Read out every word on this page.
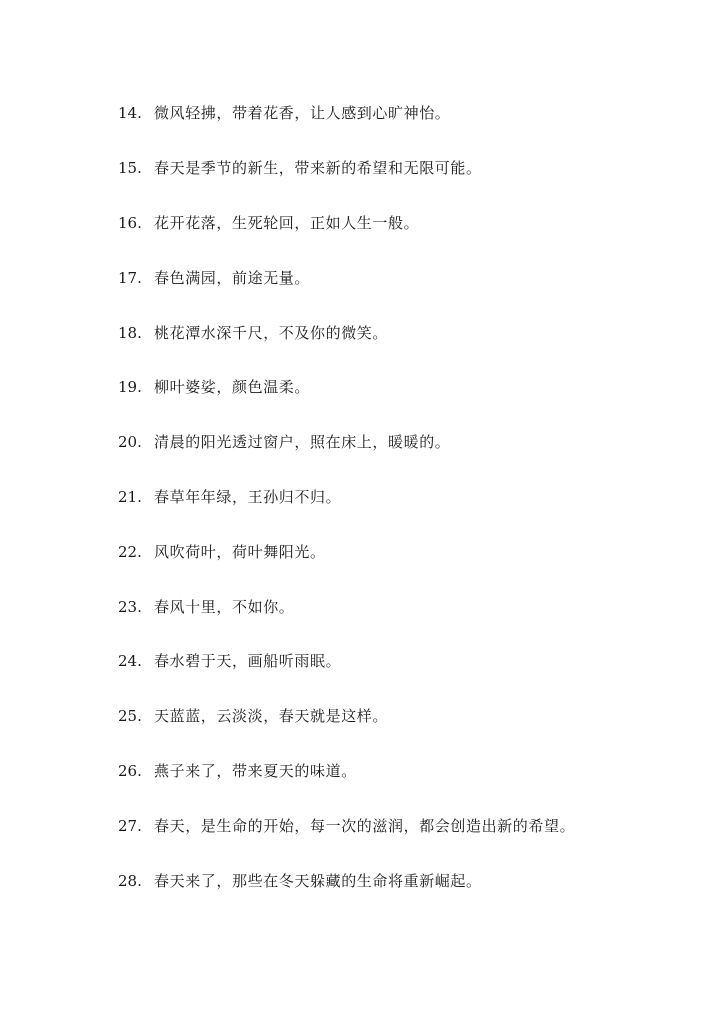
14. 微风轻拂，带着花香，让人感到心旷神怡。
15. 春天是季节的新生，带来新的希望和无限可能。
16. 花开花落，生死轮回，正如人生一般。
17. 春色满园，前途无量。
18. 桃花潭水深千尺，不及你的微笑。
19. 柳叶婆娑，颜色温柔。
20. 清晨的阳光透过窗户，照在床上，暖暖的。
21. 春草年年绿，王孙归不归。
22. 风吹荷叶，荷叶舞阳光。
23. 春风十里，不如你。
24. 春水碧于天，画船听雨眠。
25. 天蓝蓝，云淡淡，春天就是这样。
26. 燕子来了，带来夏天的味道。
27. 春天，是生命的开始，每一次的滋润，都会创造出新的希望。
28. 春天来了，那些在冬天躲藏的生命将重新崛起。
